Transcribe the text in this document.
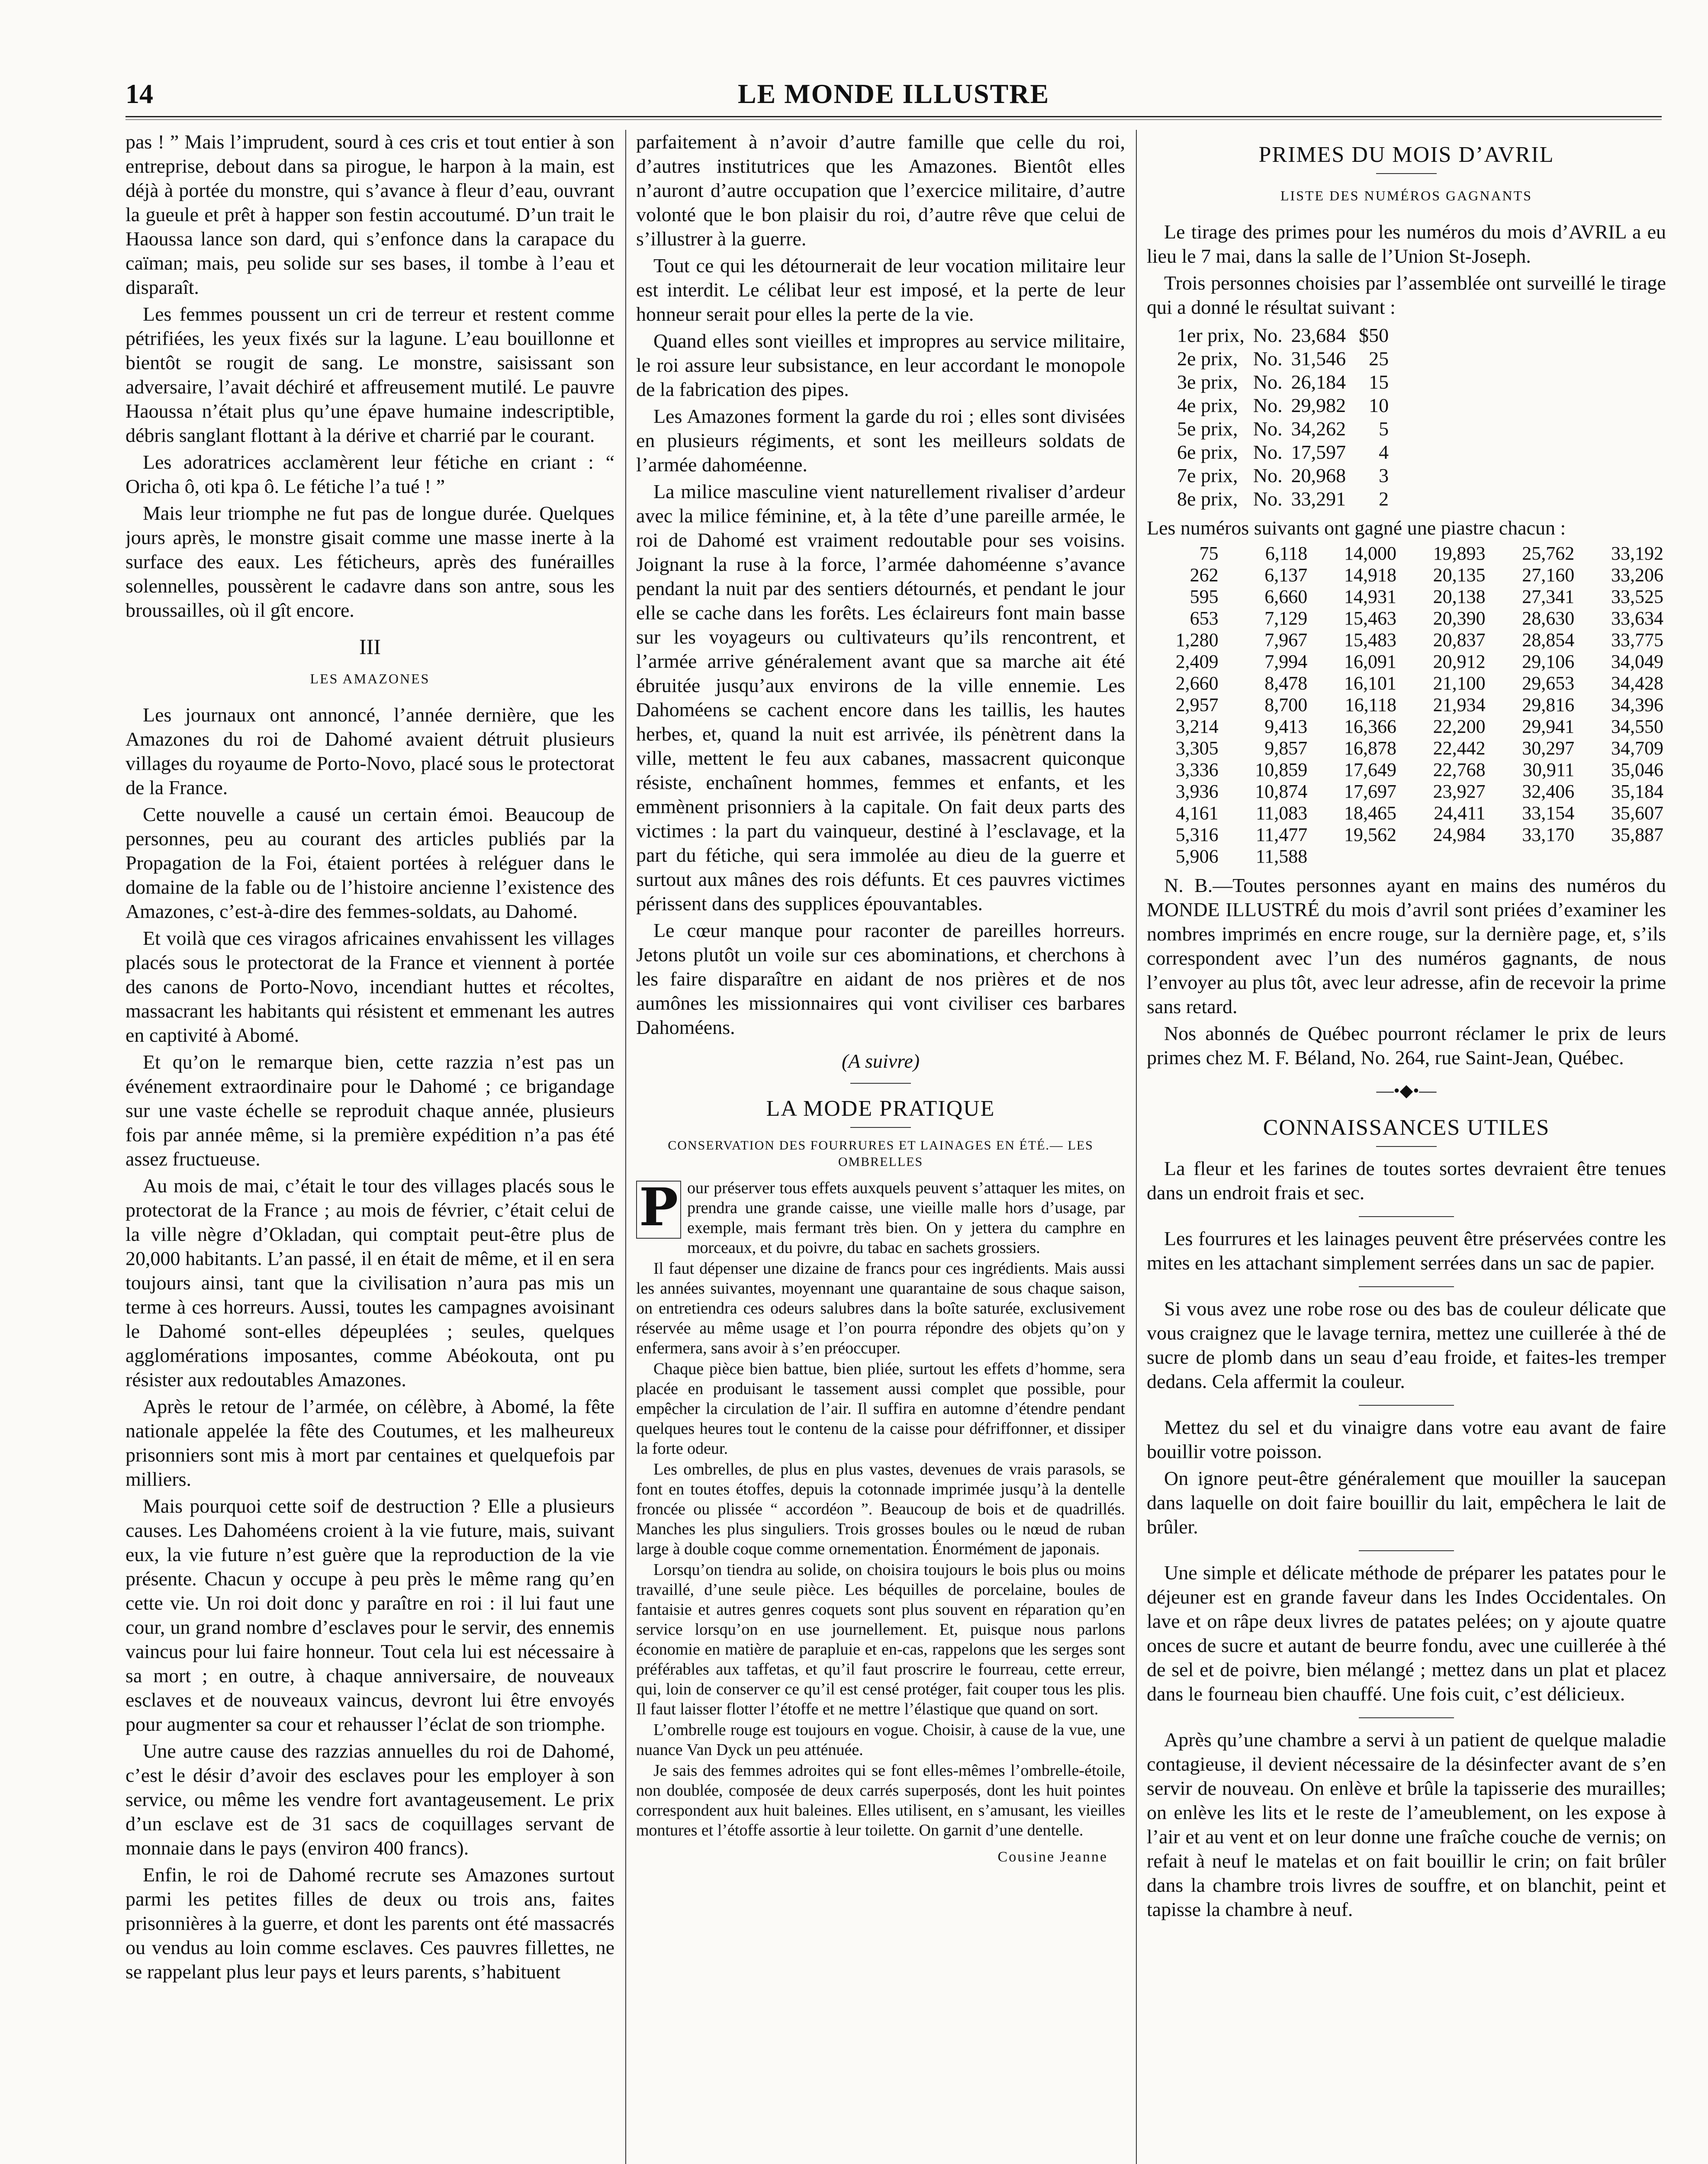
LE MONDE ILLUSTRE
14

pas ! ” Mais l’imprudent, sourd à ces cris et tout entier à son entreprise, debout dans sa pirogue, le harpon à la main, est déjà à portée du monstre, qui s’avance à fleur d’eau, ouvrant la gueule et prêt à happer son festin accoutumé. D’un trait le Haoussa lance son dard, qui s’enfonce dans la carapace du caïman; mais, peu solide sur ses bases, il tombe à l’eau et disparaît.

Les femmes poussent un cri de terreur et restent comme pétrifiées, les yeux fixés sur la lagune. L’eau bouillonne et bientôt se rougit de sang. Le monstre, saisissant son adversaire, l’avait déchiré et affreusement mutilé. Le pauvre Haoussa n’était plus qu’une épave humaine indescriptible, débris sanglant flottant à la dérive et charrié par le courant.

Les adoratrices acclamèrent leur fétiche en criant : “ Oricha ô, oti kpa ô. Le fétiche l’a tué ! ”

Mais leur triomphe ne fut pas de longue durée. Quelques jours après, le monstre gisait comme une masse inerte à la surface des eaux. Les féticheurs, après des funérailles solennelles, poussèrent le cadavre dans son antre, sous les broussailles, où il gît encore.

III
LES AMAZONES

Les journaux ont annoncé, l’année dernière, que les Amazones du roi de Dahomé avaient détruit plusieurs villages du royaume de Porto-Novo, placé sous le protectorat de la France.

Cette nouvelle a causé un certain émoi. Beaucoup de personnes, peu au courant des articles publiés par la Propagation de la Foi, étaient portées à reléguer dans le domaine de la fable ou de l’histoire ancienne l’existence des Amazones, c’est-à-dire des femmes-soldats, au Dahomé.

Et voilà que ces viragos africaines envahissent les villages placés sous le protectorat de la France et viennent à portée des canons de Porto-Novo, incendiant huttes et récoltes, massacrant les habitants qui résistent et emmenant les autres en captivité à Abomé.

Et qu’on le remarque bien, cette razzia n’est pas un événement extraordinaire pour le Dahomé ; ce brigandage sur une vaste échelle se reproduit chaque année, plusieurs fois par année même, si la première expédition n’a pas été assez fructueuse.

Au mois de mai, c’était le tour des villages placés sous le protectorat de la France ; au mois de février, c’était celui de la ville nègre d’Okladan, qui comptait peut-être plus de 20,000 habitants. L’an passé, il en était de même, et il en sera toujours ainsi, tant que la civilisation n’aura pas mis un terme à ces horreurs. Aussi, toutes les campagnes avoisinant le Dahomé sont-elles dépeuplées ; seules, quelques agglomérations imposantes, comme Abéokouta, ont pu résister aux redoutables Amazones.

Après le retour de l’armée, on célèbre, à Abomé, la fête nationale appelée la fête des Coutumes, et les malheureux prisonniers sont mis à mort par centaines et quelquefois par milliers.

Mais pourquoi cette soif de destruction ? Elle a plusieurs causes. Les Dahoméens croient à la vie future, mais, suivant eux, la vie future n’est guère que la reproduction de la vie présente. Chacun y occupe à peu près le même rang qu’en cette vie. Un roi doit donc y paraître en roi : il lui faut une cour, un grand nombre d’esclaves pour le servir, des ennemis vaincus pour lui faire honneur. Tout cela lui est nécessaire à sa mort ; en outre, à chaque anniversaire, de nouveaux esclaves et de nouveaux vaincus, devront lui être envoyés pour augmenter sa cour et rehausser l’éclat de son triomphe.

Une autre cause des razzias annuelles du roi de Dahomé, c’est le désir d’avoir des esclaves pour les employer à son service, ou même les vendre fort avantageusement. Le prix d’un esclave est de 31 sacs de coquillages servant de monnaie dans le pays (environ 400 francs).

Enfin, le roi de Dahomé recrute ses Amazones surtout parmi les petites filles de deux ou trois ans, faites prisonnières à la guerre, et dont les parents ont été massacrés ou vendus au loin comme esclaves. Ces pauvres fillettes, ne se rappelant plus leur pays et leurs parents, s’habituent

parfaitement à n’avoir d’autre famille que celle du roi, d’autres institutrices que les Amazones. Bientôt elles n’auront d’autre occupation que l’exercice militaire, d’autre volonté que le bon plaisir du roi, d’autre rêve que celui de s’illustrer à la guerre.

Tout ce qui les détournerait de leur vocation militaire leur est interdit. Le célibat leur est imposé, et la perte de leur honneur serait pour elles la perte de la vie.

Quand elles sont vieilles et impropres au service militaire, le roi assure leur subsistance, en leur accordant le monopole de la fabrication des pipes.

Les Amazones forment la garde du roi ; elles sont divisées en plusieurs régiments, et sont les meilleurs soldats de l’armée dahoméenne.

La milice masculine vient naturellement rivaliser d’ardeur avec la milice féminine, et, à la tête d’une pareille armée, le roi de Dahomé est vraiment redoutable pour ses voisins. Joignant la ruse à la force, l’armée dahoméenne s’avance pendant la nuit par des sentiers détournés, et pendant le jour elle se cache dans les forêts. Les éclaireurs font main basse sur les voyageurs ou cultivateurs qu’ils rencontrent, et l’armée arrive généralement avant que sa marche ait été ébruitée jusqu’aux environs de la ville ennemie. Les Dahoméens se cachent encore dans les taillis, les hautes herbes, et, quand la nuit est arrivée, ils pénètrent dans la ville, mettent le feu aux cabanes, massacrent quiconque résiste, enchaînent hommes, femmes et enfants, et les emmènent prisonniers à la capitale. On fait deux parts des victimes : la part du vainqueur, destiné à l’esclavage, et la part du fétiche, qui sera immolée au dieu de la guerre et surtout aux mânes des rois défunts. Et ces pauvres victimes périssent dans des supplices épouvantables.

Le cœur manque pour raconter de pareilles horreurs. Jetons plutôt un voile sur ces abominations, et cherchons à les faire disparaître en aidant de nos prières et de nos aumônes les missionnaires qui vont civiliser ces barbares Dahoméens.

(A suivre)
LA MODE PRATIQUE
CONSERVATION DES FOURRURES ET LAINAGES EN ÉTÉ.— LES OMBRELLES

P our préserver tous effets auxquels peuvent s’attaquer les mites, on prendra une grande caisse, une vieille malle hors d’usage, par exemple, mais fermant très bien. On y jettera du camphre en morceaux, et du poivre, du tabac en sachets grossiers.

Il faut dépenser une dizaine de francs pour ces ingrédients. Mais aussi les années suivantes, moyennant une quarantaine de sous chaque saison, on entretiendra ces odeurs salubres dans la boîte saturée, exclusivement réservée au même usage et l’on pourra répondre des objets qu’on y enfermera, sans avoir à s’en préoccuper.

Chaque pièce bien battue, bien pliée, surtout les effets d’homme, sera placée en produisant le tassement aussi complet que possible, pour empêcher la circulation de l’air. Il suffira en automne d’étendre pendant quelques heures tout le contenu de la caisse pour défriffonner, et dissiper la forte odeur.

Les ombrelles, de plus en plus vastes, devenues de vrais parasols, se font en toutes étoffes, depuis la cotonnade imprimée jusqu’à la dentelle froncée ou plissée “ accordéon ”. Beaucoup de bois et de quadrillés. Manches les plus singuliers. Trois grosses boules ou le nœud de ruban large à double coque comme ornementation. Énormément de japonais.

Lorsqu’on tiendra au solide, on choisira toujours le bois plus ou moins travaillé, d’une seule pièce. Les béquilles de porcelaine, boules de fantaisie et autres genres coquets sont plus souvent en réparation qu’en service lorsqu’on en use journellement. Et, puisque nous parlons économie en matière de parapluie et en-cas, rappelons que les serges sont préférables aux taffetas, et qu’il faut proscrire le fourreau, cette erreur, qui, loin de conserver ce qu’il est censé protéger, fait couper tous les plis. Il faut laisser flotter l’étoffe et ne mettre l’élastique que quand on sort.

L’ombrelle rouge est toujours en vogue. Choisir, à cause de la vue, une nuance Van Dyck un peu atténuée.

Je sais des femmes adroites qui se font elles-mêmes l’ombrelle-étoile, non doublée, composée de deux carrés superposés, dont les huit pointes correspondent aux huit baleines. Elles utilisent, en s’amusant, les vieilles montures et l’étoffe assortie à leur toilette. On garnit d’une dentelle.

Cousine Jeanne
PRIMES DU MOIS D’AVRIL
LISTE DES NUMÉROS GAGNANTS

Le tirage des primes pour les numéros du mois d’AVRIL a eu lieu le 7 mai, dans la salle de l’Union St-Joseph.

Trois personnes choisies par l’assemblée ont surveillé le tirage qui a donné le résultat suivant :

1er prix,	No.	23,684	$50
2e prix,	No.	31,546	25
3e prix,	No.	26,184	15
4e prix,	No.	29,982	10
5e prix,	No.	34,262	5
6e prix,	No.	17,597	4
7e prix,	No.	20,968	3
8e prix,	No.	33,291	2

Les numéros suivants ont gagné une piastre chacun :

75	6,118	14,000	19,893	25,762	33,192
262	6,137	14,918	20,135	27,160	33,206
595	6,660	14,931	20,138	27,341	33,525
653	7,129	15,463	20,390	28,630	33,634
1,280	7,967	15,483	20,837	28,854	33,775
2,409	7,994	16,091	20,912	29,106	34,049
2,660	8,478	16,101	21,100	29,653	34,428
2,957	8,700	16,118	21,934	29,816	34,396
3,214	9,413	16,366	22,200	29,941	34,550
3,305	9,857	16,878	22,442	30,297	34,709
3,336	10,859	17,649	22,768	30,911	35,046
3,936	10,874	17,697	23,927	32,406	35,184
4,161	11,083	18,465	24,411	33,154	35,607
5,316	11,477	19,562	24,984	33,170	35,887
5,906	11,588				

N. B.—Toutes personnes ayant en mains des numéros du MONDE ILLUSTRÉ du mois d’avril sont priées d’examiner les nombres imprimés en encre rouge, sur la dernière page, et, s’ils correspondent avec l’un des numéros gagnants, de nous l’envoyer au plus tôt, avec leur adresse, afin de recevoir la prime sans retard.

Nos abonnés de Québec pourront réclamer le prix de leurs primes chez M. F. Béland, No. 264, rue Saint-Jean, Québec.

—•◆•—
CONNAISSANCES UTILES

La fleur et les farines de toutes sortes devraient être tenues dans un endroit frais et sec.

Les fourrures et les lainages peuvent être préservées contre les mites en les attachant simplement serrées dans un sac de papier.

Si vous avez une robe rose ou des bas de couleur délicate que vous craignez que le lavage ternira, mettez une cuillerée à thé de sucre de plomb dans un seau d’eau froide, et faites-les tremper dedans. Cela affermit la couleur.

Mettez du sel et du vinaigre dans votre eau avant de faire bouillir votre poisson.

On ignore peut-être généralement que mouiller la saucepan dans laquelle on doit faire bouillir du lait, empêchera le lait de brûler.

Une simple et délicate méthode de préparer les patates pour le déjeuner est en grande faveur dans les Indes Occidentales. On lave et on râpe deux livres de patates pelées; on y ajoute quatre onces de sucre et autant de beurre fondu, avec une cuillerée à thé de sel et de poivre, bien mélangé ; mettez dans un plat et placez dans le fourneau bien chauffé. Une fois cuit, c’est délicieux.

Après qu’une chambre a servi à un patient de quelque maladie contagieuse, il devient nécessaire de la désinfecter avant de s’en servir de nouveau. On enlève et brûle la tapisserie des murailles; on enlève les lits et le reste de l’ameublement, on les expose à l’air et au vent et on leur donne une fraîche couche de vernis; on refait à neuf le matelas et on fait bouillir le crin; on fait brûler dans la chambre trois livres de souffre, et on blanchit, peint et tapisse la chambre à neuf.
